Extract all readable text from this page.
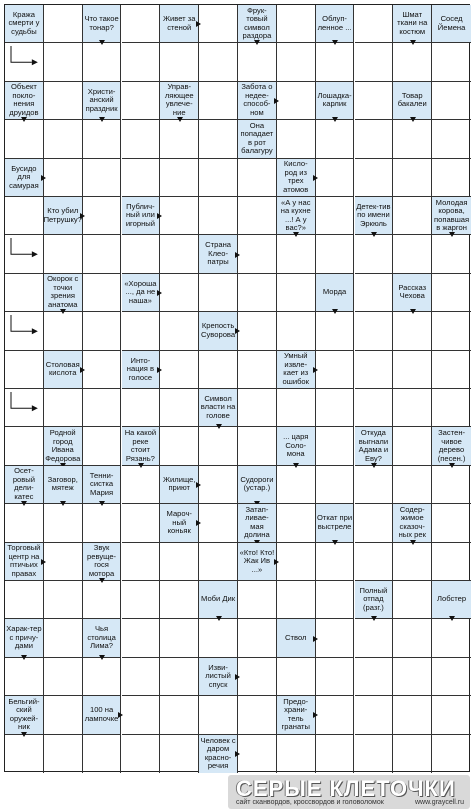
Кража смерти у судьбы
Что такое тонар?
Живет за стеной
Фрук-товый символ раздора
Облуп-ленное ...
Шмат ткани на костюм
Сосед Йемена
Объект покло-нения друидов
Христи-анский праздник
Управ-ляющее увлече-ние
Забота о недее-способ-ном
Лошадка-карлик
Товар бакалеи
Она попадает в рот балагуру
Бусидо для самурая
Кисло-род из трех атомов
Кто убил Петрушку?
Публич-ный или игорный
«А у нас на кухне ...! А у вас?»
Детек-тив по имени Эркюль
Молодая корова, попавшая в жаргон
Страна Клео-патры
Окорок с точки зрения анатома
«Хороша ..., да не наша»
Морда	Рассказ Чехова
Крепость Суворова
Столовая кислота
Инто-нация в голосе
Умный извле-кает из ошибок
Символ власти на голове
Родной город Ивана Федорова
На какой реке стоит Рязань?
... царя Соло-мона
Откуда выгнали Адама и Еву?
Застен-чивое дерево (песен.)
Осет-ровый дели-катес
Заговор, мятеж
Тенни-систка Мария
Жилище, приют
Судороги (устар.)
Мароч-ный коньяк
Затап-ливае-мая долина
Откат при выстреле
Содер-жимое сказоч-ных рек
Торговый центр на птичьих правах
Звук ревуще-гося мотора
«Кто! Кто! Жак Ив ...»
Моби Дик
Полный отпад (разг.)
Лобстер
Харак-тер с причу-дами
Чья столица Лима?
Ствол
Изви-листый спуск
Бельгий-ский оружей-ник
100 на лампочке
Предо-храни-тель гранаты
Человек с даром красно-речия
СЕРЫЕ КЛЕТОЧКИ
сайт сканвордов, кроссвордов и головоломок	www.graycell.ru
